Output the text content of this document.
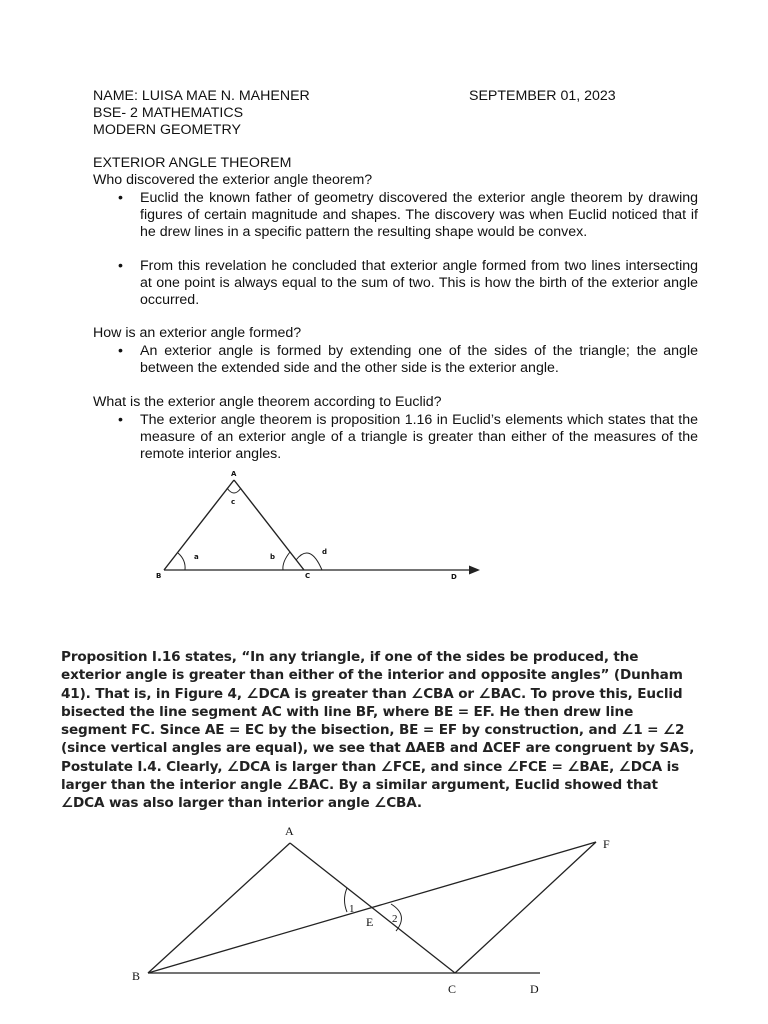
NAME: LUISA MAE N. MAHENER	SEPTEMBER 01, 2023
BSE- 2 MATHEMATICS
MODERN GEOMETRY
EXTERIOR ANGLE THEOREM
Who discovered the exterior angle theorem?
• Euclid the known father of geometry discovered the exterior angle theorem by drawing figures of certain magnitude and shapes. The discovery was when Euclid noticed that if he drew lines in a specific pattern the resulting shape would be convex.
• From this revelation he concluded that exterior angle formed from two lines intersecting at one point is always equal to the sum of two. This is how the birth of the exterior angle occurred.
How is an exterior angle formed?
• An exterior angle is formed by extending one of the sides of the triangle; the angle between the extended side and the other side is the exterior angle.
What is the exterior angle theorem according to Euclid?
• The exterior angle theorem is proposition 1.16 in Euclid’s elements which states that the measure of an exterior angle of a triangle is greater than either of the measures of the remote interior angles.
A
B	C	D
a	b
c
d
Proposition I.16 states, “In any triangle, if one of the sides be produced, the exterior angle is greater than either of the interior and opposite angles” (Dunham 41). That is, in Figure 4, ∠DCA is greater than ∠CBA or ∠BAC. To prove this, Euclid bisected the line segment AC with line BF, where BE = EF. He then drew line segment FC. Since AE = EC by the bisection, BE = EF by construction, and ∠1 = ∠2 (since vertical angles are equal), we see that ΔAEB and ΔCEF are congruent by SAS, Postulate I.4. Clearly, ∠DCA is larger than ∠FCE, and since ∠FCE = ∠BAE, ∠DCA is larger than the interior angle ∠BAC. By a similar argument, Euclid showed that ∠DCA was also larger than interior angle ∠CBA.
A
B
C	D
E
F
1
2
